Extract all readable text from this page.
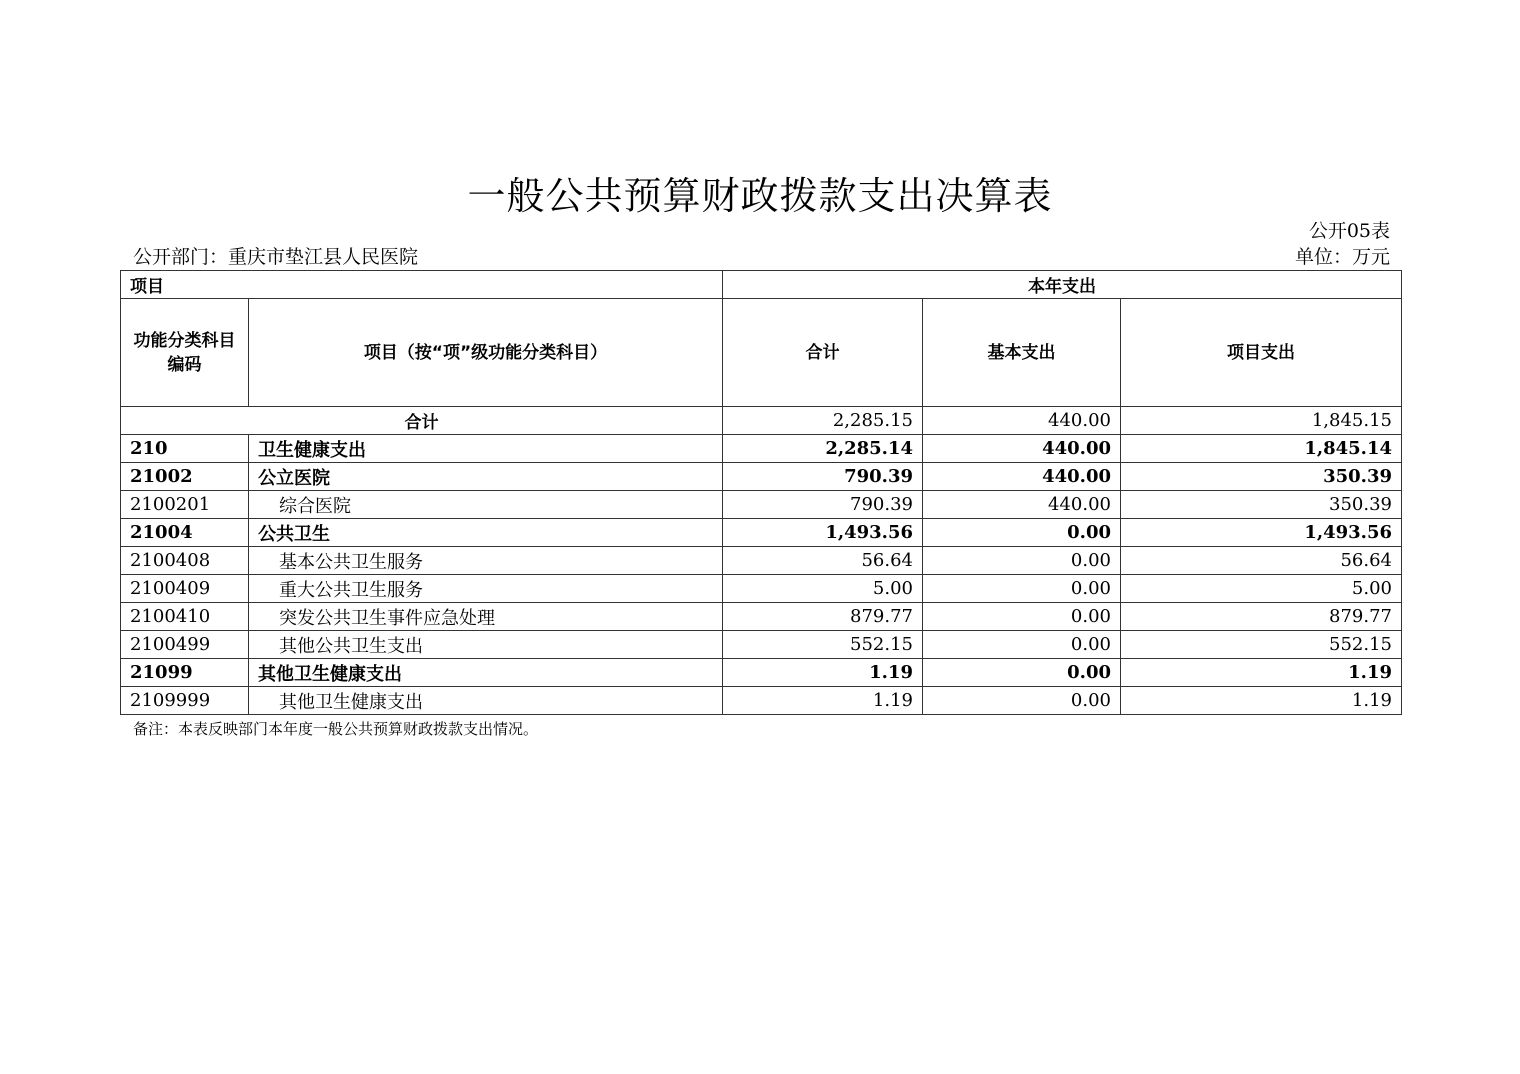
一般公共预算财政拨款支出决算表
公开05表
公开部门：重庆市垫江县人民医院	单位：万元
项目		本年支出		
功能分类科目编码	项目（按“项”级功能分类科目）	合计	基本支出	项目支出
合计		2,285.15	440.00	1,845.15
210	卫生健康支出	2,285.14	440.00	1,845.14
21002	公立医院	790.39	440.00	350.39
2100201	综合医院	790.39	440.00	350.39
21004	公共卫生	1,493.56	0.00	1,493.56
2100408	基本公共卫生服务	56.64	0.00	56.64
2100409	重大公共卫生服务	5.00	0.00	5.00
2100410	突发公共卫生事件应急处理	879.77	0.00	879.77
2100499	其他公共卫生支出	552.15	0.00	552.15
21099	其他卫生健康支出	1.19	0.00	1.19
2109999	其他卫生健康支出	1.19	0.00	1.19
备注：本表反映部门本年度一般公共预算财政拨款支出情况。
